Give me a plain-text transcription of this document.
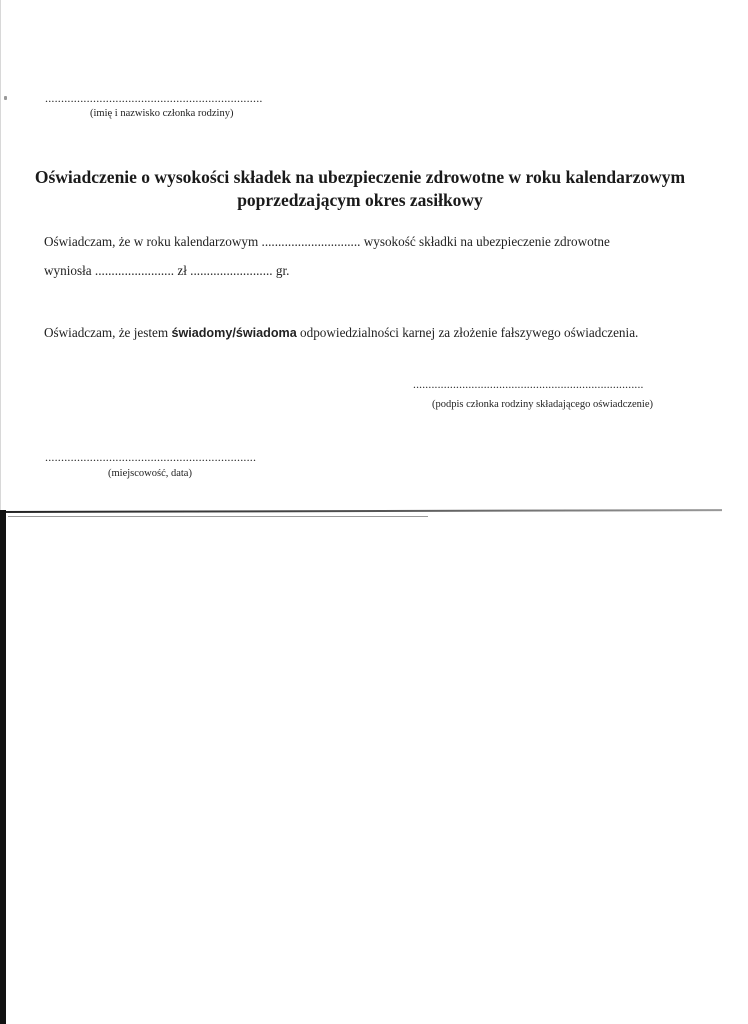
....................................................................
(imię i nazwisko członka rodziny)
Oświadczenie o wysokości składek na ubezpieczenie zdrowotne w roku kalendarzowym
poprzedzającym okres zasiłkowy
Oświadczam, że w roku kalendarzowym .............................. wysokość składki na ubezpieczenie zdrowotne
wyniosła ........................ zł ......................... gr.
Oświadczam, że jestem świadomy/świadoma odpowiedzialności karnej za złożenie fałszywego oświadczenia.
...........................................................................
(podpis członka rodziny składającego oświadczenie)
..................................................................
(miejscowość, data)
